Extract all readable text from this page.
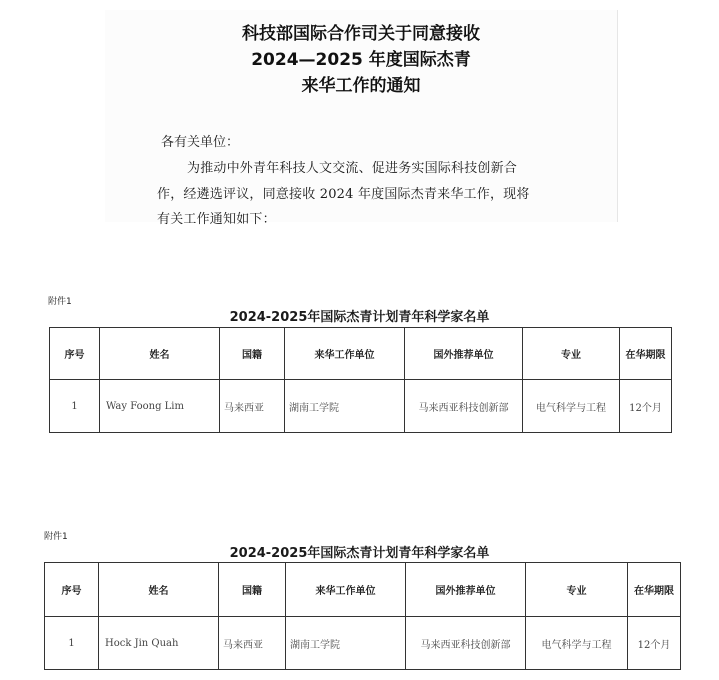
科技部国际合作司关于同意接收
2024—2025 年度国际杰青
来华工作的通知
各有关单位：
为推动中外青年科技人文交流、促进务实国际科技创新合
作，经遴选评议，同意接收 2024 年度国际杰青来华工作，现将
有关工作通知如下：
附件1
2024-2025年国际杰青计划青年科学家名单
序号	姓名	国籍	来华工作单位	国外推荐单位	专业	在华期限
1	Way Foong Lim	马来西亚	湖南工学院	马来西亚科技创新部	电气科学与工程	12个月
附件1
2024-2025年国际杰青计划青年科学家名单
序号	姓名	国籍	来华工作单位	国外推荐单位	专业	在华期限
1	Hock Jin Quah	马来西亚	湖南工学院	马来西亚科技创新部	电气科学与工程	12个月
